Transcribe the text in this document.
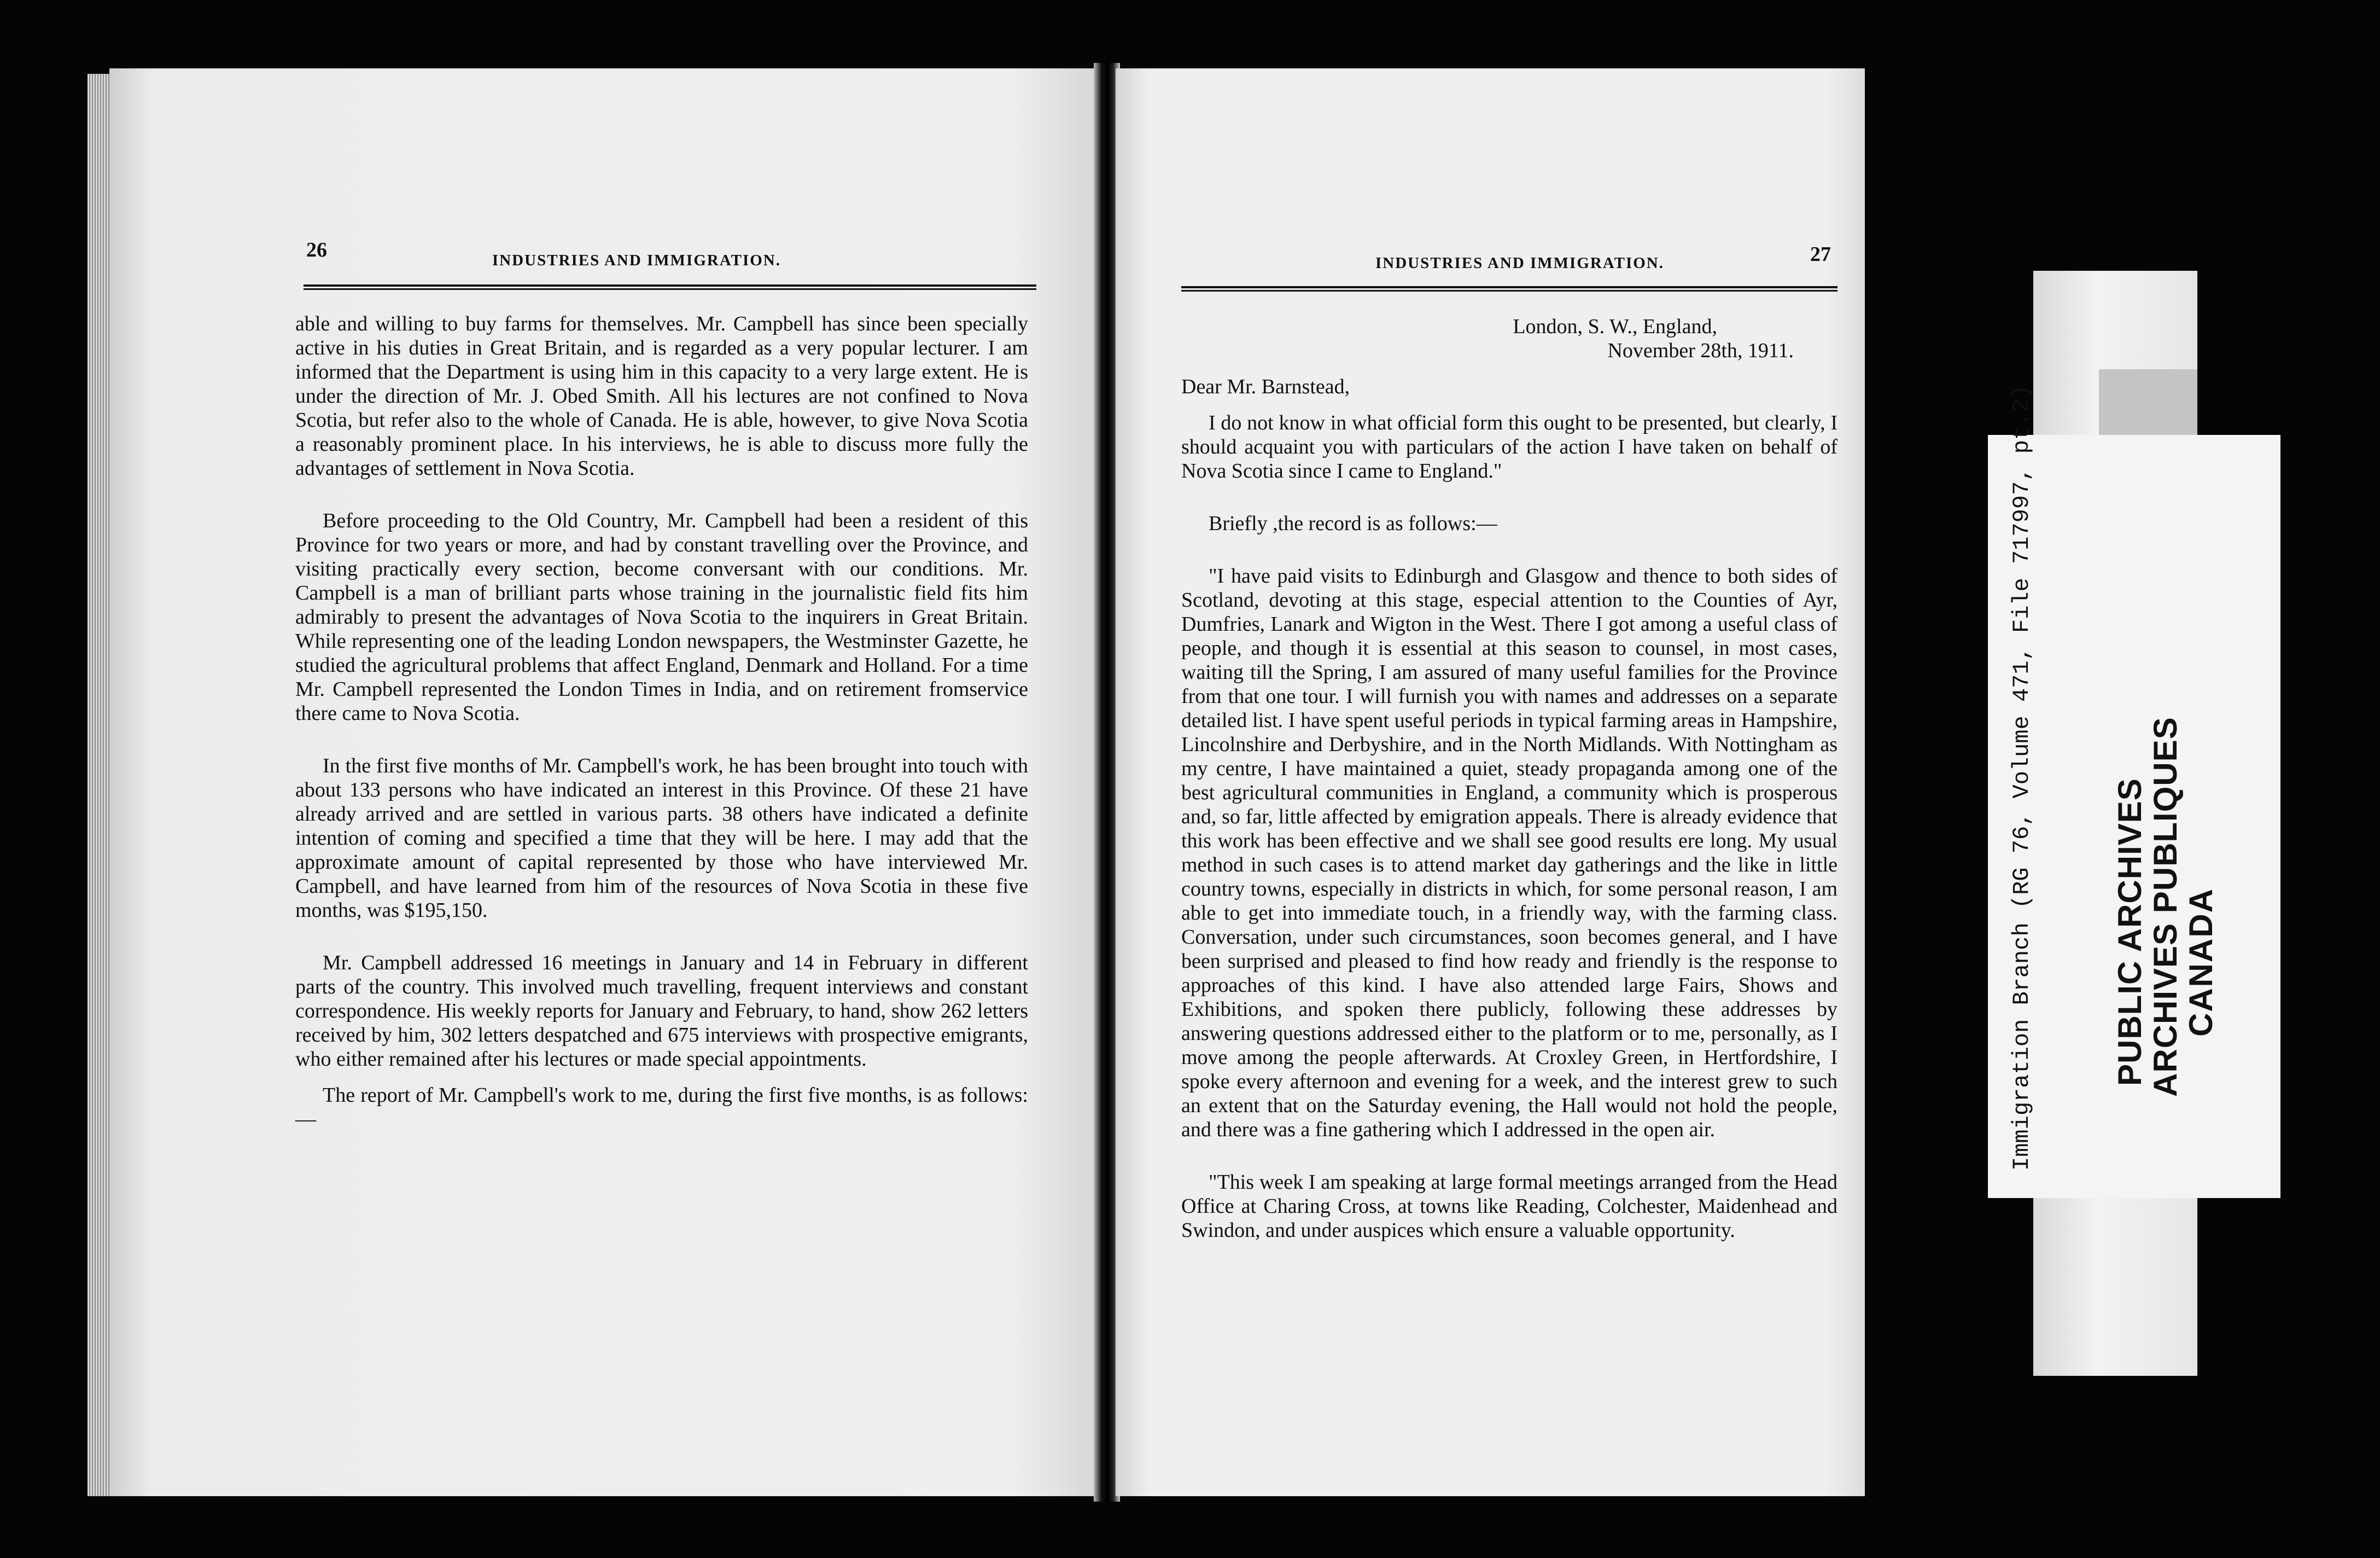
26	INDUSTRIES AND IMMIGRATION.

able and willing to buy farms for themselves. Mr. Campbell has since been specially active in his duties in Great Britain, and is regarded as a very popular lecturer. I am informed that the Department is using him in this capacity to a very large extent. He is under the direction of Mr. J. Obed Smith. All his lectures are not confined to Nova Scotia, but refer also to the whole of Canada. He is able, however, to give Nova Scotia a reasonably prominent place. In his interviews, he is able to discuss more fully the advantages of settlement in Nova Scotia.

Before proceeding to the Old Country, Mr. Campbell had been a resident of this Province for two years or more, and had by constant travelling over the Province, and visiting practically every section, become conversant with our conditions. Mr. Campbell is a man of brilliant parts whose training in the journalistic field fits him admirably to present the advantages of Nova Scotia to the inquirers in Great Britain. While representing one of the leading London newspapers, the Westminster Gazette, he studied the agricultural problems that affect England, Denmark and Holland. For a time Mr. Campbell represented the London Times in India, and on retirement fromservice there came to Nova Scotia.

In the first five months of Mr. Campbell's work, he has been brought into touch with about 133 persons who have indicated an interest in this Province. Of these 21 have already arrived and are settled in various parts. 38 others have indicated a definite intention of coming and specified a time that they will be here. I may add that the approximate amount of capital represented by those who have interviewed Mr. Campbell, and have learned from him of the resources of Nova Scotia in these five months, was $195,150.

Mr. Campbell addressed 16 meetings in January and 14 in February in different parts of the country. This involved much travelling, frequent interviews and constant correspondence. His weekly reports for January and February, to hand, show 262 letters received by him, 302 letters despatched and 675 interviews with prospective emigrants, who either remained after his lectures or made special appointments.

The report of Mr. Campbell's work to me, during the first five months, is as follows:—

INDUSTRIES AND IMMIGRATION.	27

London, S. W., England,
November 28th, 1911.

Dear Mr. Barnstead,

I do not know in what official form this ought to be presented, but clearly, I should acquaint you with particulars of the action I have taken on behalf of Nova Scotia since I came to England."

Briefly ,the record is as follows:—

"I have paid visits to Edinburgh and Glasgow and thence to both sides of Scotland, devoting at this stage, especial attention to the Counties of Ayr, Dumfries, Lanark and Wigton in the West. There I got among a useful class of people, and though it is essential at this season to counsel, in most cases, waiting till the Spring, I am assured of many useful families for the Province from that one tour. I will furnish you with names and addresses on a separate detailed list. I have spent useful periods in typical farming areas in Hampshire, Lincolnshire and Derbyshire, and in the North Midlands. With Nottingham as my centre, I have maintained a quiet, steady propaganda among one of the best agricultural communities in England, a community which is prosperous and, so far, little affected by emigration appeals. There is already evidence that this work has been effective and we shall see good results ere long. My usual method in such cases is to attend market day gatherings and the like in little country towns, especially in districts in which, for some personal reason, I am able to get into immediate touch, in a friendly way, with the farming class. Conversation, under such circumstances, soon becomes general, and I have been surprised and pleased to find how ready and friendly is the response to approaches of this kind. I have also attended large Fairs, Shows and Exhibitions, and spoken there publicly, following these addresses by answering questions addressed either to the platform or to me, personally, as I move among the people afterwards. At Croxley Green, in Hertfordshire, I spoke every afternoon and evening for a week, and the interest grew to such an extent that on the Saturday evening, the Hall would not hold the people, and there was a fine gathering which I addressed in the open air.

"This week I am speaking at large formal meetings arranged from the Head Office at Charing Cross, at towns like Reading, Colchester, Maidenhead and Swindon, and under auspices which ensure a valuable opportunity.

Immigration Branch (RG 76, Volume 471, File 717997, pt.2) PUBLIC ARCHIVES
ARCHIVES PUBLIQUES
CANADA
